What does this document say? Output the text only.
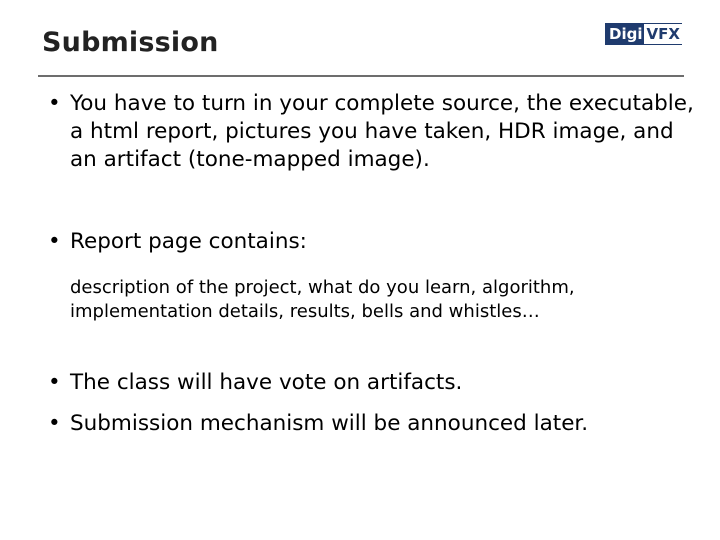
Submission	Digi VFX
• You have to turn in your complete source, the executable, a html report, pictures you have taken, HDR image, and an artifact (tone-mapped image).
• Report page contains:
description of the project, what do you learn, algorithm, implementation details, results, bells and whistles…
• The class will have vote on artifacts.
• Submission mechanism will be announced later.
